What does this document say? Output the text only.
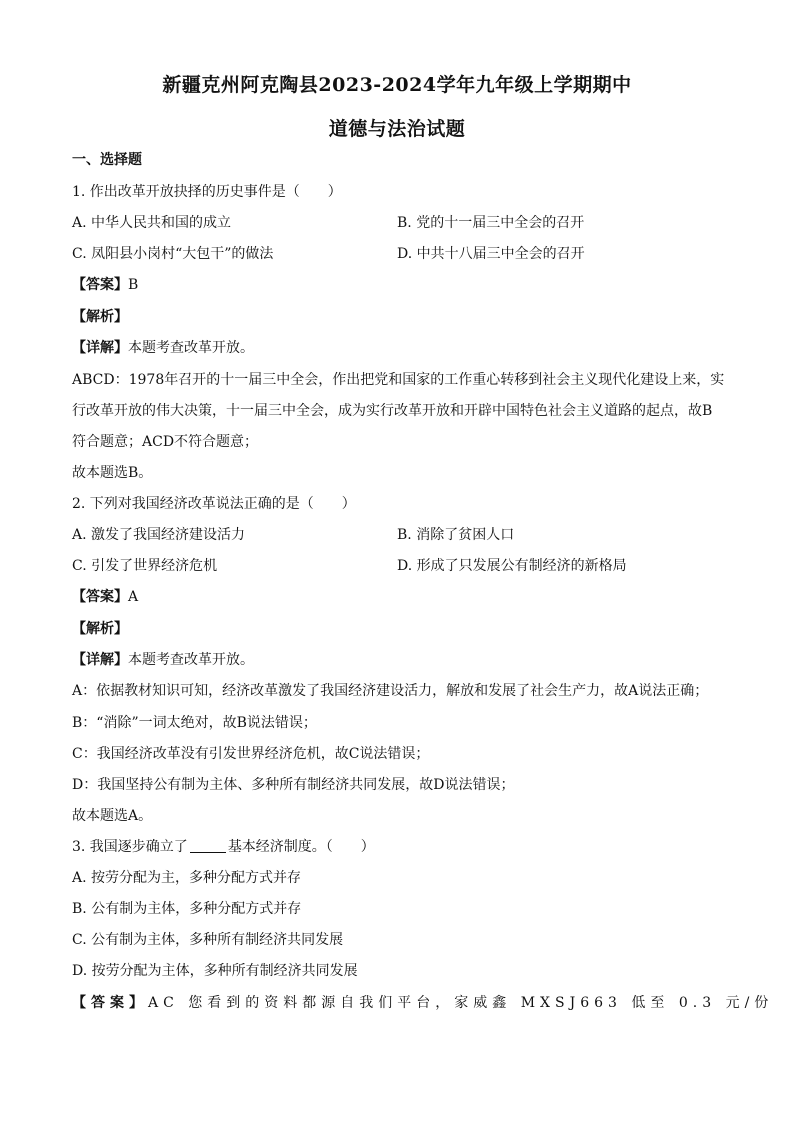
新疆克州阿克陶县2023-2024学年九年级上学期期中
道德与法治试题
一、选择题
1. 作出改革开放抉择的历史事件是（　　）
A. 中华人民共和国的成立	B. 党的十一届三中全会的召开
C. 凤阳县小岗村“大包干”的做法	D. 中共十八届三中全会的召开
【答案】B
【解析】
【详解】本题考查改革开放。
ABCD：1978年召开的十一届三中全会，作出把党和国家的工作重心转移到社会主义现代化建设上来，实
行改革开放的伟大决策，十一届三中全会，成为实行改革开放和开辟中国特色社会主义道路的起点，故B
符合题意；ACD不符合题意；
故本题选B。
2. 下列对我国经济改革说法正确的是（　　）
A. 激发了我国经济建设活力	B. 消除了贫困人口
C. 引发了世界经济危机	D. 形成了只发展公有制经济的新格局
【答案】A
【解析】
【详解】本题考查改革开放。
A：依据教材知识可知，经济改革激发了我国经济建设活力，解放和发展了社会生产力，故A说法正确；
B：“消除”一词太绝对，故B说法错误；
C：我国经济改革没有引发世界经济危机，故C说法错误；
D：我国坚持公有制为主体、多种所有制经济共同发展，故D说法错误；
故本题选A。
3. 我国逐步确立了	基本经济制度。（　　）
A. 按劳分配为主，多种分配方式并存
B. 公有制为主体，多种分配方式并存
C. 公有制为主体，多种所有制经济共同发展
D. 按劳分配为主体，多种所有制经济共同发展
【答案】AC 您看到的资料都源自我们平台，家威鑫 MXSJ663 低至 0.3 元/份
